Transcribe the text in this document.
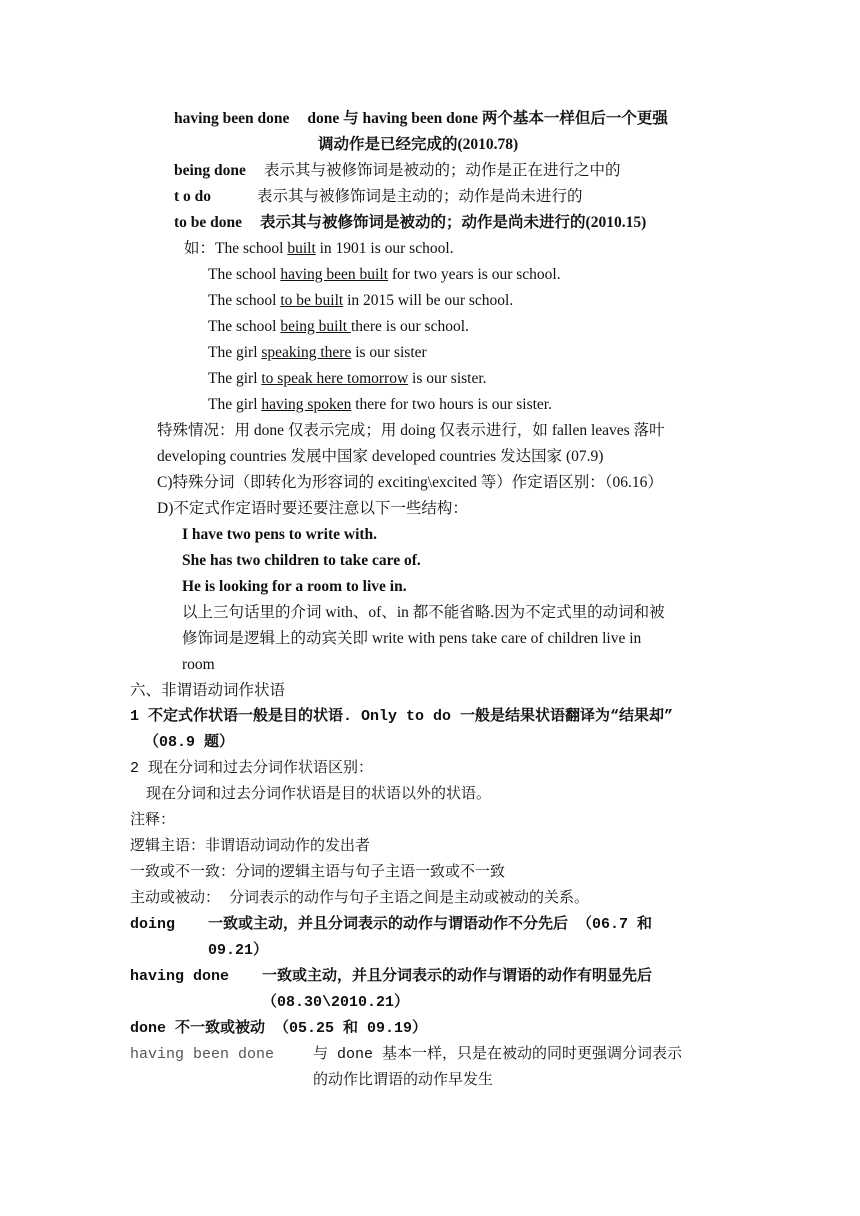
having been done done 与 having been done 两个基本一样但后一个更强
调动作是已经完成的(2010.78)
being done 表示其与被修饰词是被动的；动作是正在进行之中的
t o do	表示其与被修饰词是主动的；动作是尚未进行的
to be done 表示其与被修饰词是被动的；动作是尚未进行的(2010.15)
如：The school built in 1901 is our school.
The school having been built for two years is our school.
The school to be built in 2015 will be our school.
The school being built there is our school.
The girl speaking there is our sister
The girl to speak here tomorrow is our sister.
The girl having spoken there for two hours is our sister.
特殊情况：用 done 仅表示完成；用 doing 仅表示进行，如 fallen leaves 落叶
developing countries 发展中国家 developed countries 发达国家 (07.9)
C)特殊分词（即转化为形容词的 exciting\excited 等）作定语区别：（06.16）
D)不定式作定语时要还要注意以下一些结构：
I have two pens to write with.
She has two children to take care of.
He is looking for a room to live in.
以上三句话里的介词 with、of、in 都不能省略.因为不定式里的动词和被
修饰词是逻辑上的动宾关即 write with pens take care of children live in
room
六、非谓语动词作状语
1 不定式作状语一般是目的状语. Only to do 一般是结果状语翻译为“结果却”
（08.9 题）
2 现在分词和过去分词作状语区别：
现在分词和过去分词作状语是目的状语以外的状语。
注释：
逻辑主语：非谓语动词动作的发出者
一致或不一致：分词的逻辑主语与句子主语一致或不一致
主动或被动： 分词表示的动作与句子主语之间是主动或被动的关系。
doing 一致或主动，并且分词表示的动作与谓语动作不分先后 （06.7 和
09.21）
having done 一致或主动，并且分词表示的动作与谓语的动作有明显先后
（08.30\2010.21）
done 不一致或被动 （05.25 和 09.19）
having been done	与 done 基本一样，只是在被动的同时更强调分词表示
的动作比谓语的动作早发生
